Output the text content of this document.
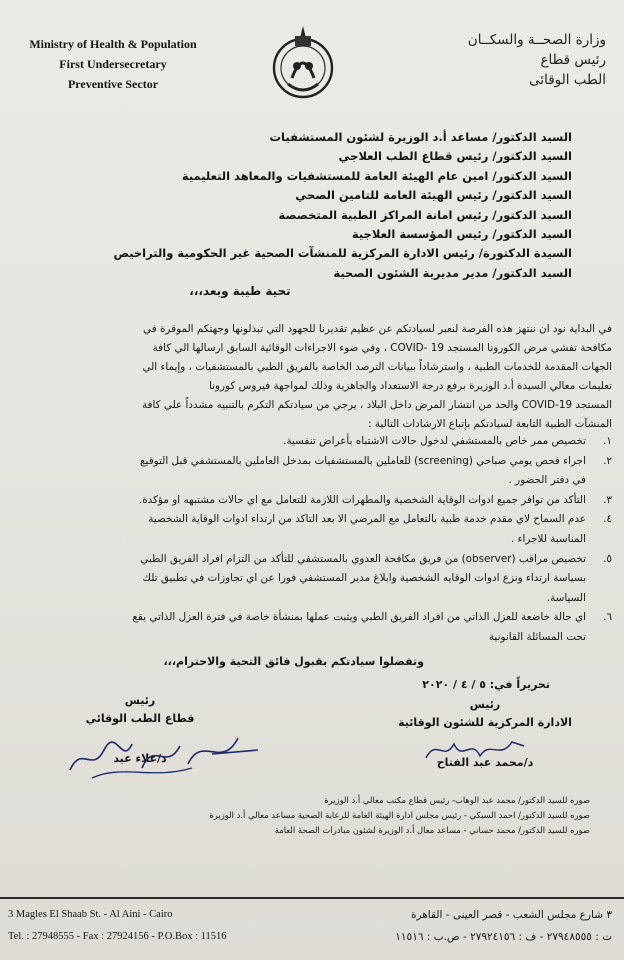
Ministry of Health & Population
First Undersecretary
Preventive Sector
وزارة الصحــة والسكــان
رئيس قطاع
الطب الوقائى
السيد الدكتور/ مساعد أ.د الوزيرة لشئون المستشفيات
السيد الدكتور/ رئيس قطاع الطب العلاجي
السيد الدكتور/ امين عام الهيئة العامة للمستشفيات والمعاهد التعليمية
السيد الدكتور/ رئيس الهيئة العامة للتامين الصحي
السيد الدكتور/ رئيس امانة المراكز الطبية المتخصصة
السيد الدكتور/ رئيس المؤسسة العلاجية
السيدة الدكتورة/ رئيس الادارة المركزية للمنشآت الصحية غير الحكومية والتراخيص
السيد الدكتور/ مدير مديرية الشئون الصحية
تحية طيبة وبعد،،،
في البداية نود ان ننتهز هذه الفرصة لنعبر لسيادتكم عن عظيم تقديرنا للجهود التي تبذلونها وجهتكم الموقرة في
مكافحة تفشي مرض الكورونا المستجد COVID- 19 ، وفي ضوء الاجراءات الوقائية السابق ارسالها الي كافة
الجهات المقدمة للخدمات الطبية ، واسترشاداً ببيانات الترصد الخاصة بالفريق الطبي بالمستشفيات ، وإيماء الي
تعليمات معالي السيدة أ.د الوزيرة برفع درجة الاستعداد والجاهزية وذلك لمواجهة فيروس كورونا
المستجد COVID-19 والحد من انتشار المرض داخل البلاد ، يرجي من سيادتكم التكرم بالتنبيه مشدداً علي كافة
المنشآت الطبية التابعة لسيادتكم بإتباع الارشادات التالية :
١.
تخصيص ممر خاص بالمستشفي لدخول حالات الاشتباه بأعراض تنفسية.
٢.
اجراء فحص يومي صباحي (screening) للعاملين بالمستشفيات بمدخل العاملين بالمستشفي قبل التوقيع
في دفتر الحضور .
٣.
التأكد من توافر جميع ادوات الوقاية الشخصية والمطهرات اللازمة للتعامل مع اي حالات مشتبهه او مؤكدة.
٤.
عدم السماح لاي مقدم خدمة طبية بالتعامل مع المرضي الا بعد التاكد من ارتداء ادوات الوقاية الشخصية
المناسبة للاجراء .
٥.
تخصيص مراقب (observer) من فريق مكافحة العدوي بالمستشفي للتأكد من التزام افراد الفريق الطبي
بسياسة ارتداء ونزع ادوات الوقايه الشخصية وابلاغ مدير المستشفي فورا عن اي تجاوزات في تطبيق تلك
السياسة.
٦.
اي حالة خاضعة للعزل الذاتي من افراد الفريق الطبي ويثبت عملها بمنشأة خاصة في فترة العزل الذاتي يقع
تحت المسائلة القانونية
وتفضلوا سيادتكم بقبول فائق التحية والاحترام،،،
تحريراً في: ٥ / ٤ / ٢٠٢٠
رئيس
قطاع الطب الوقائي
د/علاء عيد
رئيس
الادارة المركزية للشئون الوقائية
د/محمد عبد الفتاح
صوره للسيد الدكتور/ محمد عبد الوهاب- رئيس قطاع مكتب معالي أ.د الوزيرة
صوره للسيد الدكتور/ احمد السبكي - رئيس مجلس ادارة الهيئة العامة للرعاية الصحية مساعد معالي أ.د الوزيرة
صوره للسيد الدكتور/ محمد حساني - مساعد معال أ.د الوزيرة لشئون مبادرات الصحة العامة
3 Magles El Shaab St. - Al Aini - Cairo
Tel. : 27948555 - Fax : 27924156 - P.O.Box : 11516
٣ شارع مجلس الشعب - قصر العينى - القاهرة
ت : ٢٧٩٤٨٥٥٥ - ف : ٢٧٩٢٤١٥٦ - ص.ب : ١١٥١٦
